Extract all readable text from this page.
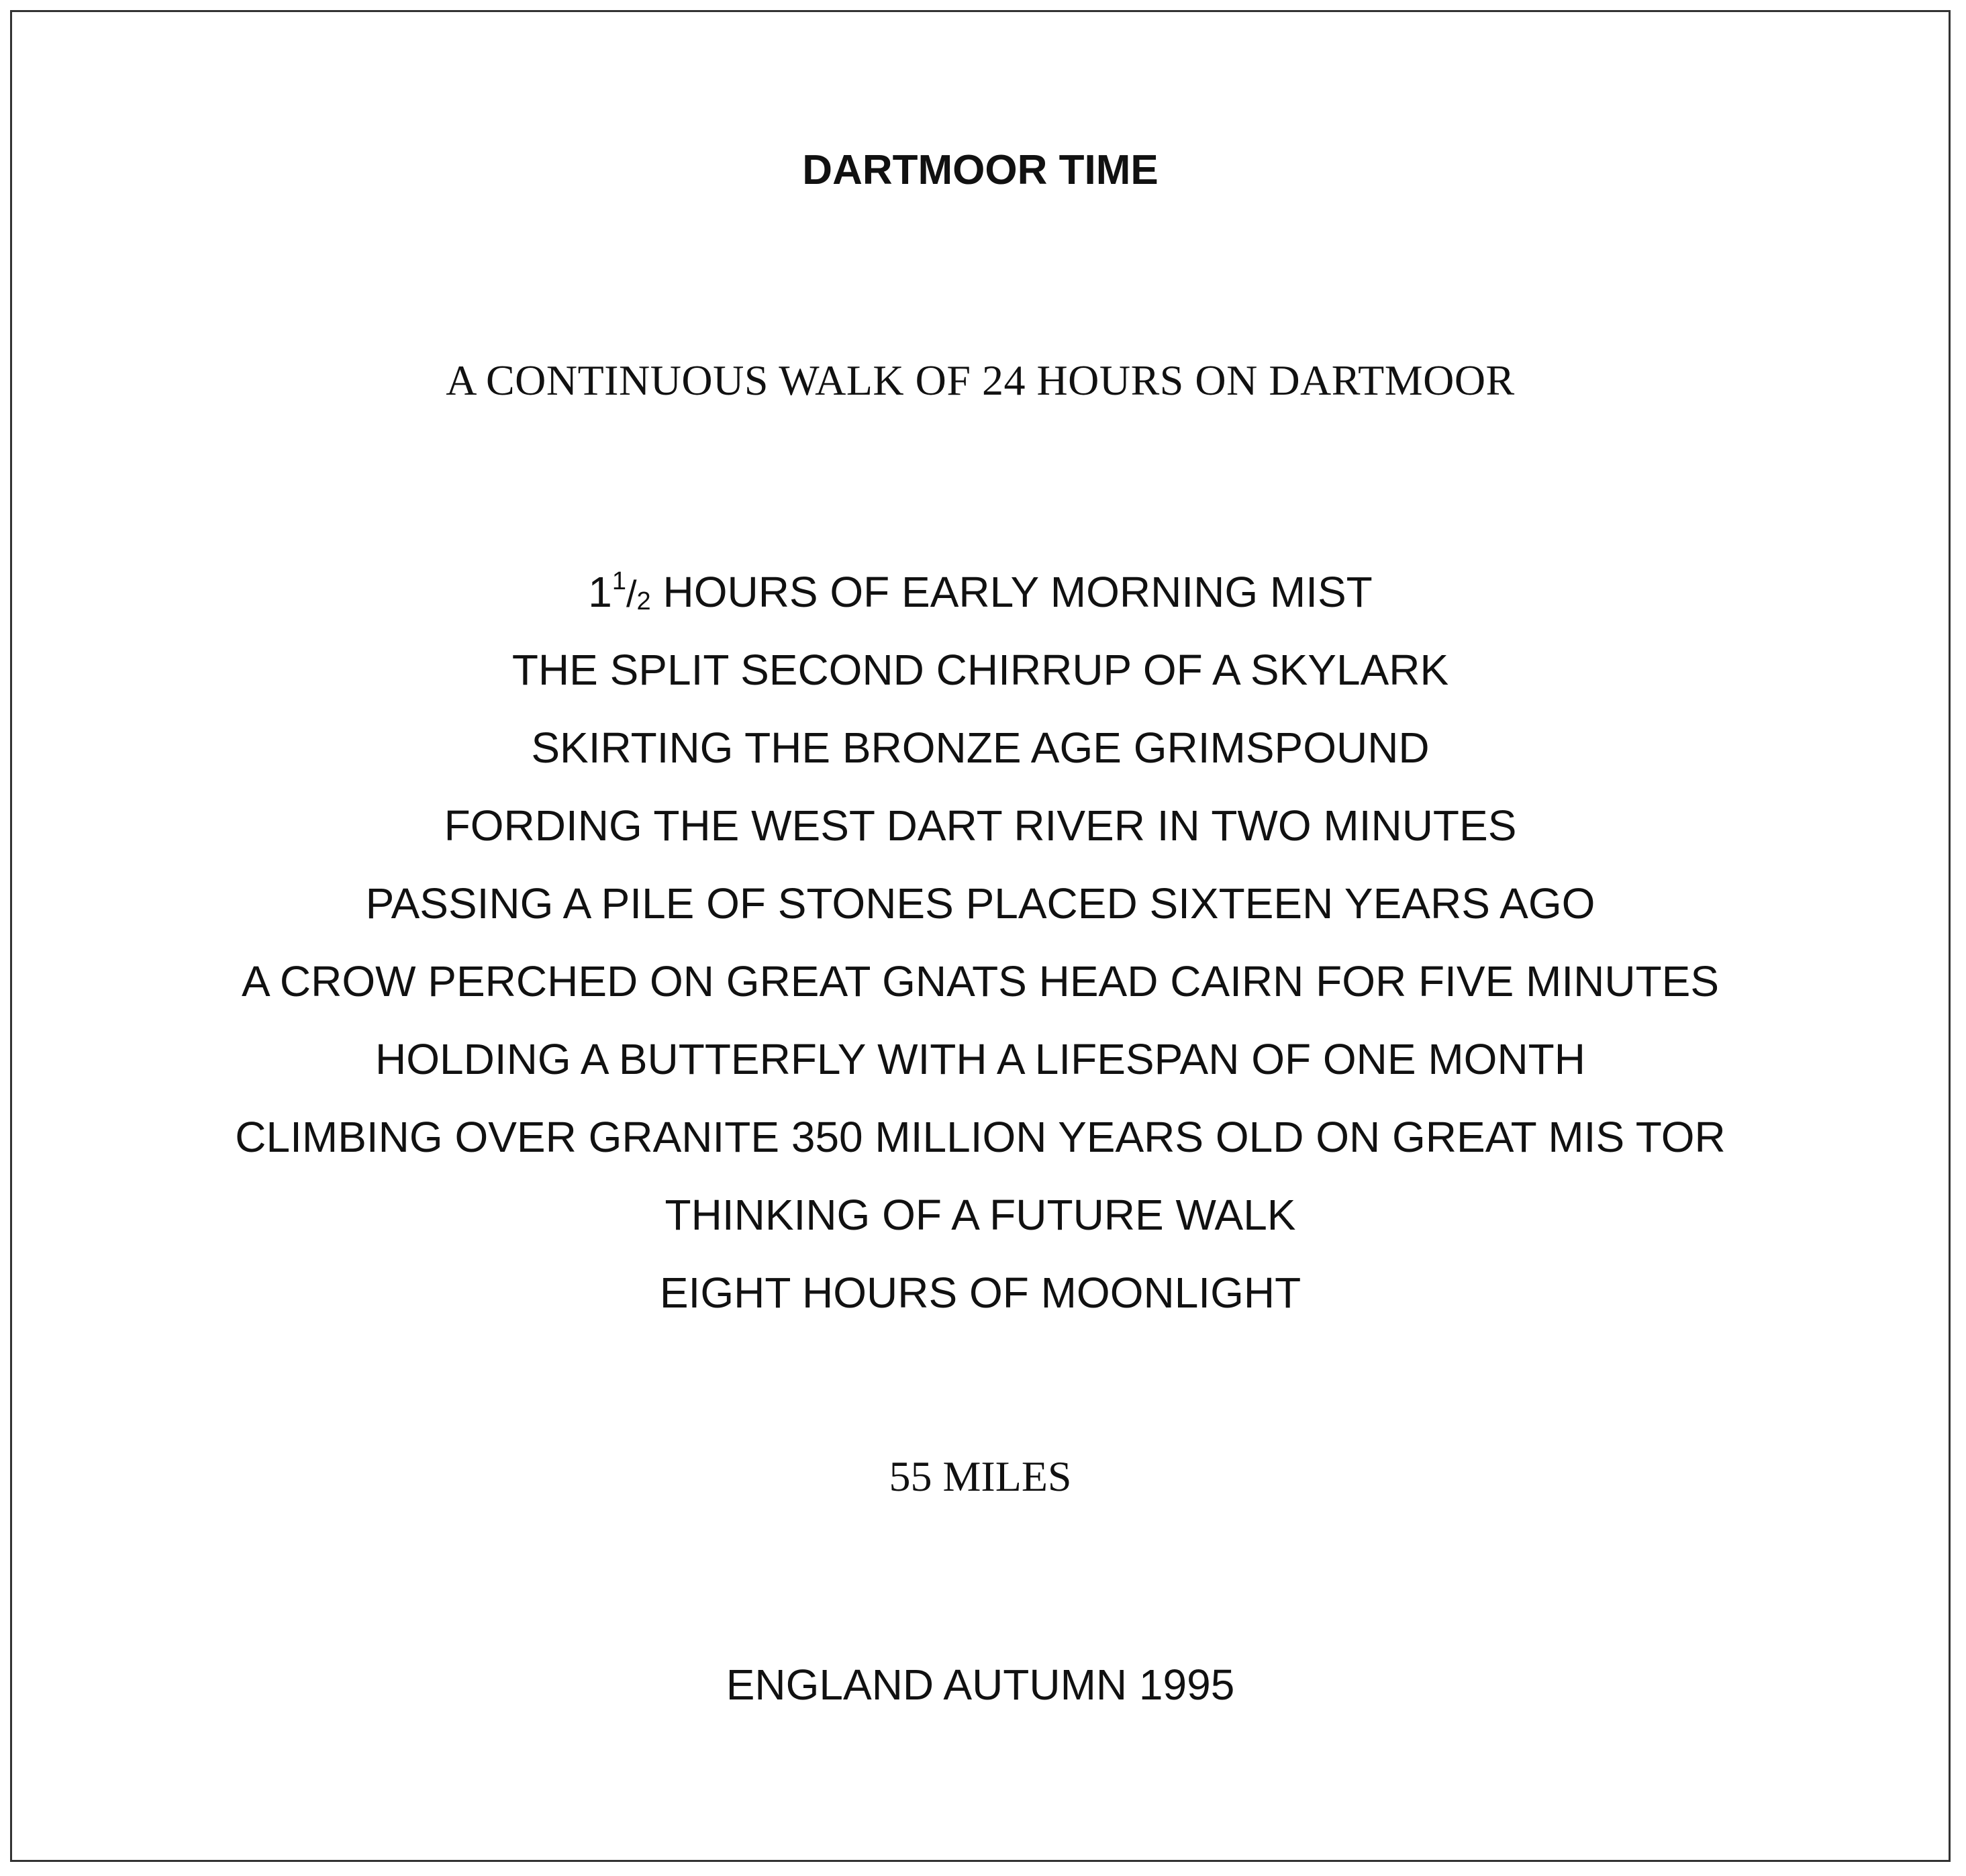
DARTMOOR TIME
A CONTINUOUS WALK OF 24 HOURS ON DARTMOOR
$1^1/_2$ HOURS OF EARLY MORNING MIST
THE SPLIT SECOND CHIRRUP OF A SKYLARK
SKIRTING THE BRONZE AGE GRIMSPOUND
FORDING THE WEST DART RIVER IN TWO MINUTES
PASSING A PILE OF STONES PLACED SIXTEEN YEARS AGO
A CROW PERCHED ON GREAT GNATS HEAD CAIRN FOR FIVE MINUTES
HOLDING A BUTTERFLY WITH A LIFESPAN OF ONE MONTH
CLIMBING OVER GRANITE 350 MILLION YEARS OLD ON GREAT MIS TOR
THINKING OF A FUTURE WALK
EIGHT HOURS OF MOONLIGHT
55 MILES
ENGLAND AUTUMN 1995
